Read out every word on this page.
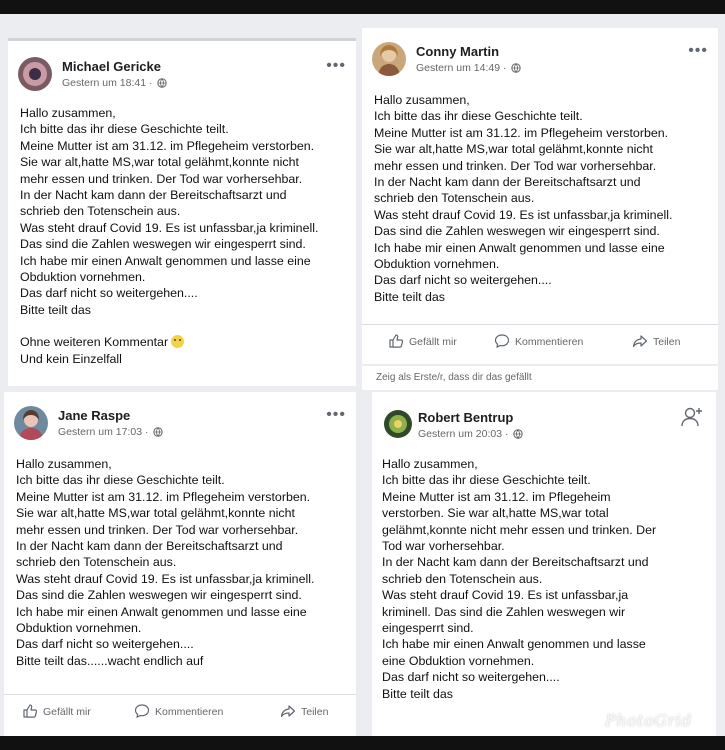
Michael Gericke
Gestern um 18:41 ·
•••

Hallo zusammen,

Ich bitte das ihr diese Geschichte teilt.

Meine Mutter ist am 31.12. im Pflegeheim verstorben.

Sie war alt,hatte MS,war total gelähmt,konnte nicht

mehr essen und trinken. Der Tod war vorhersehbar.

In der Nacht kam dann der Bereitschaftsarzt und

schrieb den Totenschein aus.

Was steht drauf Covid 19. Es ist unfassbar,ja kriminell.

Das sind die Zahlen weswegen wir eingesperrt sind.

Ich habe mir einen Anwalt genommen und lasse eine

Obduktion vornehmen.

Das darf nicht so weitergehen....

Bitte teilt das

Ohne weiteren Kommentar

Und kein Einzelfall

Conny Martin
Gestern um 14:49 ·
•••

Hallo zusammen,

Ich bitte das ihr diese Geschichte teilt.

Meine Mutter ist am 31.12. im Pflegeheim verstorben.

Sie war alt,hatte MS,war total gelähmt,konnte nicht

mehr essen und trinken. Der Tod war vorhersehbar.

In der Nacht kam dann der Bereitschaftsarzt und

schrieb den Totenschein aus.

Was steht drauf Covid 19. Es ist unfassbar,ja kriminell.

Das sind die Zahlen weswegen wir eingesperrt sind.

Ich habe mir einen Anwalt genommen und lasse eine

Obduktion vornehmen.

Das darf nicht so weitergehen....

Bitte teilt das

Gefällt mir	Kommentieren	Teilen
Zeig als Erste/r, dass dir das gefällt
Jane Raspe
Gestern um 17:03 ·
•••

Hallo zusammen,

Ich bitte das ihr diese Geschichte teilt.

Meine Mutter ist am 31.12. im Pflegeheim verstorben.

Sie war alt,hatte MS,war total gelähmt,konnte nicht

mehr essen und trinken. Der Tod war vorhersehbar.

In der Nacht kam dann der Bereitschaftsarzt und

schrieb den Totenschein aus.

Was steht drauf Covid 19. Es ist unfassbar,ja kriminell.

Das sind die Zahlen weswegen wir eingesperrt sind.

Ich habe mir einen Anwalt genommen und lasse eine

Obduktion vornehmen.

Das darf nicht so weitergehen....

Bitte teilt das......wacht endlich auf

Gefällt mir	Kommentieren	Teilen
Robert Bentrup
Gestern um 20:03 ·

Hallo zusammen,

Ich bitte das ihr diese Geschichte teilt.

Meine Mutter ist am 31.12. im Pflegeheim

verstorben. Sie war alt,hatte MS,war total

gelähmt,konnte nicht mehr essen und trinken. Der

Tod war vorhersehbar.

In der Nacht kam dann der Bereitschaftsarzt und

schrieb den Totenschein aus.

Was steht drauf Covid 19. Es ist unfassbar,ja

kriminell. Das sind die Zahlen weswegen wir

eingesperrt sind.

Ich habe mir einen Anwalt genommen und lasse

eine Obduktion vornehmen.

Das darf nicht so weitergehen....

Bitte teilt das

PhotoGrid
